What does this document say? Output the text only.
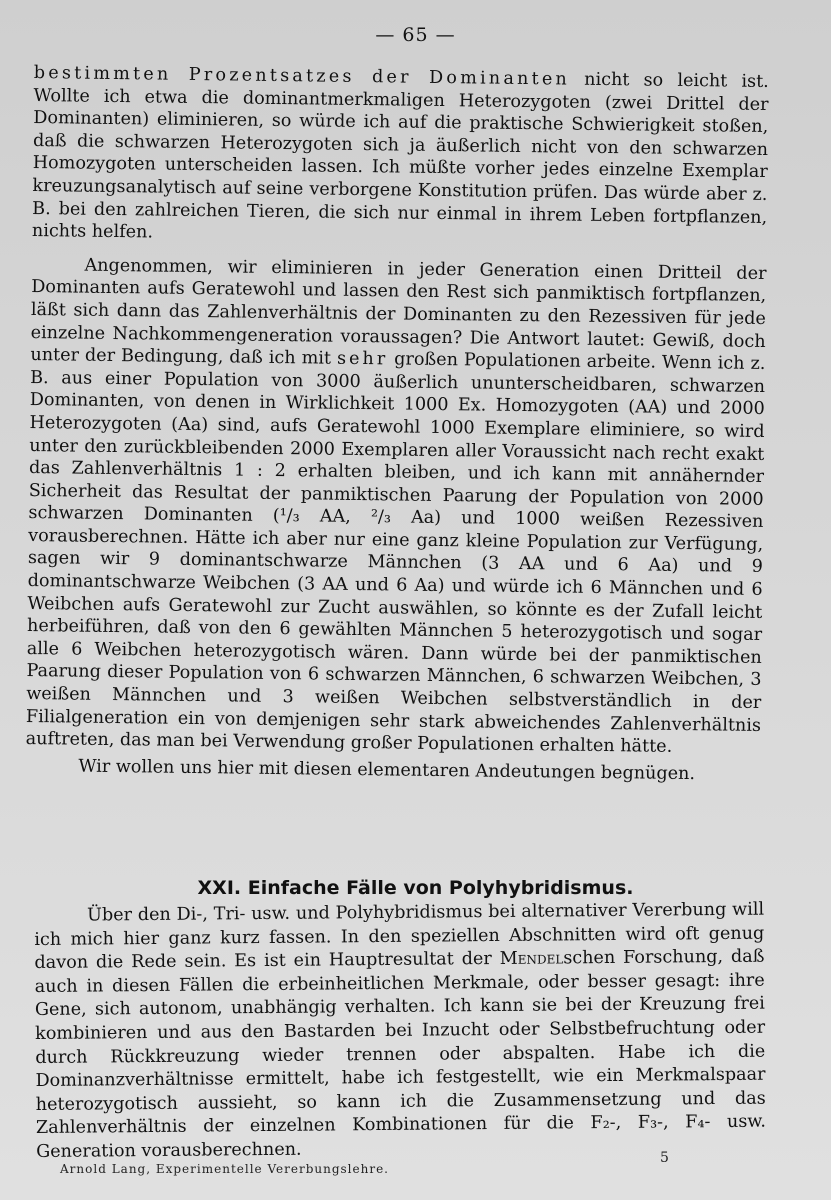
— 65 —

bestimmten Prozentsatzes der Dominanten nicht so leicht ist. Wollte ich etwa die dominantmerkmaligen Heterozygoten (zwei Drittel der Dominanten) eliminieren, so würde ich auf die praktische Schwierigkeit stoßen, daß die schwarzen Heterozygoten sich ja äußerlich nicht von den schwarzen Homozygoten unterscheiden lassen. Ich müßte vorher jedes einzelne Exemplar kreuzungsanalytisch auf seine verborgene Konstitution prüfen. Das würde aber z. B. bei den zahlreichen Tieren, die sich nur einmal in ihrem Leben fortpflanzen, nichts helfen.

Angenommen, wir eliminieren in jeder Generation einen Dritteil der Dominanten aufs Geratewohl und lassen den Rest sich panmiktisch fortpflanzen, läßt sich dann das Zahlenverhältnis der Dominanten zu den Rezessiven für jede einzelne Nachkommengeneration voraussagen? Die Antwort lautet: Gewiß, doch unter der Bedingung, daß ich mit sehr großen Populationen arbeite. Wenn ich z. B. aus einer Population von 3000 äußerlich ununterscheidbaren, schwarzen Dominanten, von denen in Wirklichkeit 1000 Ex. Homozygoten (AA) und 2000 Heterozygoten (Aa) sind, aufs Geratewohl 1000 Exemplare eliminiere, so wird unter den zurückbleibenden 2000 Exemplaren aller Voraussicht nach recht exakt das Zahlenverhältnis 1 : 2 erhalten bleiben, und ich kann mit annähernder Sicherheit das Resultat der panmiktischen Paarung der Population von 2000 schwarzen Dominanten (¹/₃ AA, ²/₃ Aa) und 1000 weißen Rezessiven vorausberechnen. Hätte ich aber nur eine ganz kleine Population zur Verfügung, sagen wir 9 dominantschwarze Männchen (3 AA und 6 Aa) und 9 dominantschwarze Weibchen (3 AA und 6 Aa) und würde ich 6 Männchen und 6 Weibchen aufs Geratewohl zur Zucht auswählen, so könnte es der Zufall leicht herbeiführen, daß von den 6 gewählten Männchen 5 heterozygotisch und sogar alle 6 Weibchen heterozygotisch wären. Dann würde bei der panmiktischen Paarung dieser Population von 6 schwarzen Männchen, 6 schwarzen Weibchen, 3 weißen Männchen und 3 weißen Weibchen selbstverständlich in der Filialgeneration ein von demjenigen sehr stark abweichendes Zahlenverhältnis auftreten, das man bei Verwendung großer Populationen erhalten hätte.

Wir wollen uns hier mit diesen elementaren Andeutungen begnügen.

XXI. Einfache Fälle von Polyhybridismus.

Über den Di-, Tri- usw. und Polyhybridismus bei alternativer Vererbung will ich mich hier ganz kurz fassen. In den speziellen Abschnitten wird oft genug davon die Rede sein. Es ist ein Hauptresultat der Mendelschen Forschung, daß auch in diesen Fällen die erbeinheitlichen Merkmale, oder besser gesagt: ihre Gene, sich autonom, unabhängig verhalten. Ich kann sie bei der Kreuzung frei kombinieren und aus den Bastarden bei Inzucht oder Selbstbefruchtung oder durch Rückkreuzung wieder trennen oder abspalten. Habe ich die Dominanzverhältnisse ermittelt, habe ich festgestellt, wie ein Merkmalspaar heterozygotisch aussieht, so kann ich die Zusammensetzung und das Zahlenverhältnis der einzelnen Kombinationen für die F₂-, F₃-, F₄- usw. Generation vorausberechnen.

Arnold Lang, Experimentelle Vererbungslehre.
5
